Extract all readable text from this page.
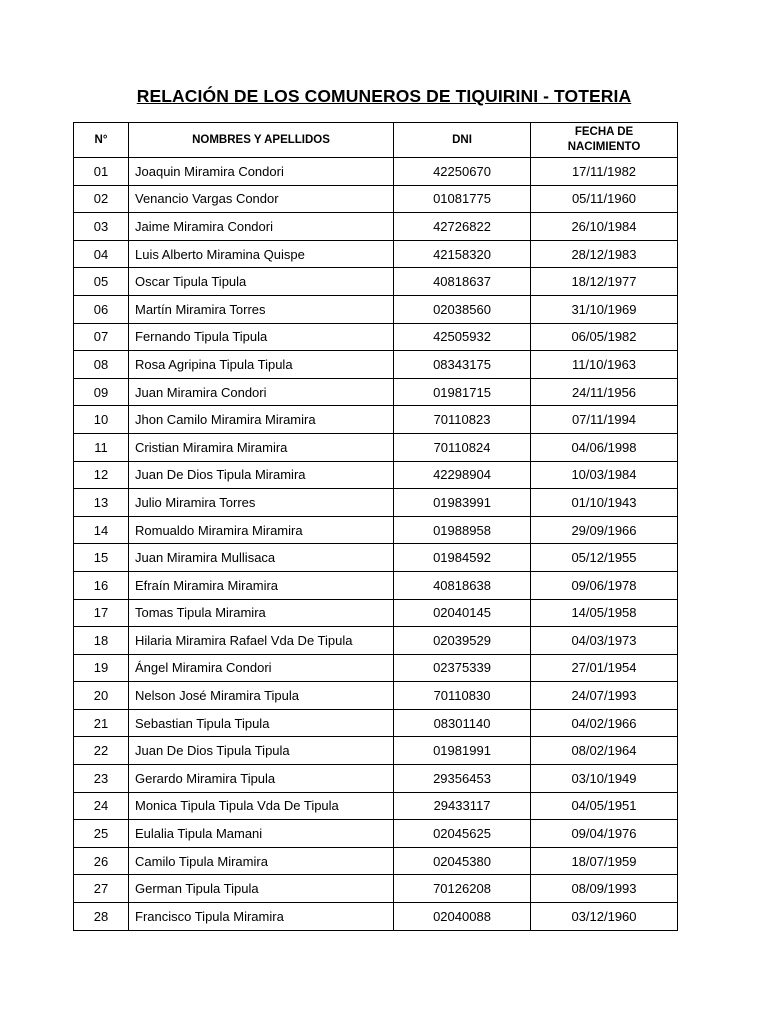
RELACIÓN DE LOS COMUNEROS DE TIQUIRINI - TOTERIA
N°	NOMBRES Y APELLIDOS	DNI	FECHA DE
NACIMIENTO
01	Joaquin Miramira Condori	42250670	17/11/1982
02	Venancio Vargas Condor	01081775	05/11/1960
03	Jaime Miramira Condori	42726822	26/10/1984
04	Luis Alberto Miramina Quispe	42158320	28/12/1983
05	Oscar Tipula Tipula	40818637	18/12/1977
06	Martín Miramira Torres	02038560	31/10/1969
07	Fernando Tipula Tipula	42505932	06/05/1982
08	Rosa Agripina Tipula Tipula	08343175	11/10/1963
09	Juan Miramira Condori	01981715	24/11/1956
10	Jhon Camilo Miramira Miramira	70110823	07/11/1994
11	Cristian Miramira Miramira	70110824	04/06/1998
12	Juan De Dios Tipula Miramira	42298904	10/03/1984
13	Julio Miramira Torres	01983991	01/10/1943
14	Romualdo Miramira Miramira	01988958	29/09/1966
15	Juan Miramira Mullisaca	01984592	05/12/1955
16	Efraín Miramira Miramira	40818638	09/06/1978
17	Tomas Tipula Miramira	02040145	14/05/1958
18	Hilaria Miramira Rafael Vda De Tipula	02039529	04/03/1973
19	Ángel Miramira Condori	02375339	27/01/1954
20	Nelson José Miramira Tipula	70110830	24/07/1993
21	Sebastian Tipula Tipula	08301140	04/02/1966
22	Juan De Dios Tipula Tipula	01981991	08/02/1964
23	Gerardo Miramira Tipula	29356453	03/10/1949
24	Monica Tipula Tipula Vda De Tipula	29433117	04/05/1951
25	Eulalia Tipula Mamani	02045625	09/04/1976
26	Camilo Tipula Miramira	02045380	18/07/1959
27	German Tipula Tipula	70126208	08/09/1993
28	Francisco Tipula Miramira	02040088	03/12/1960
